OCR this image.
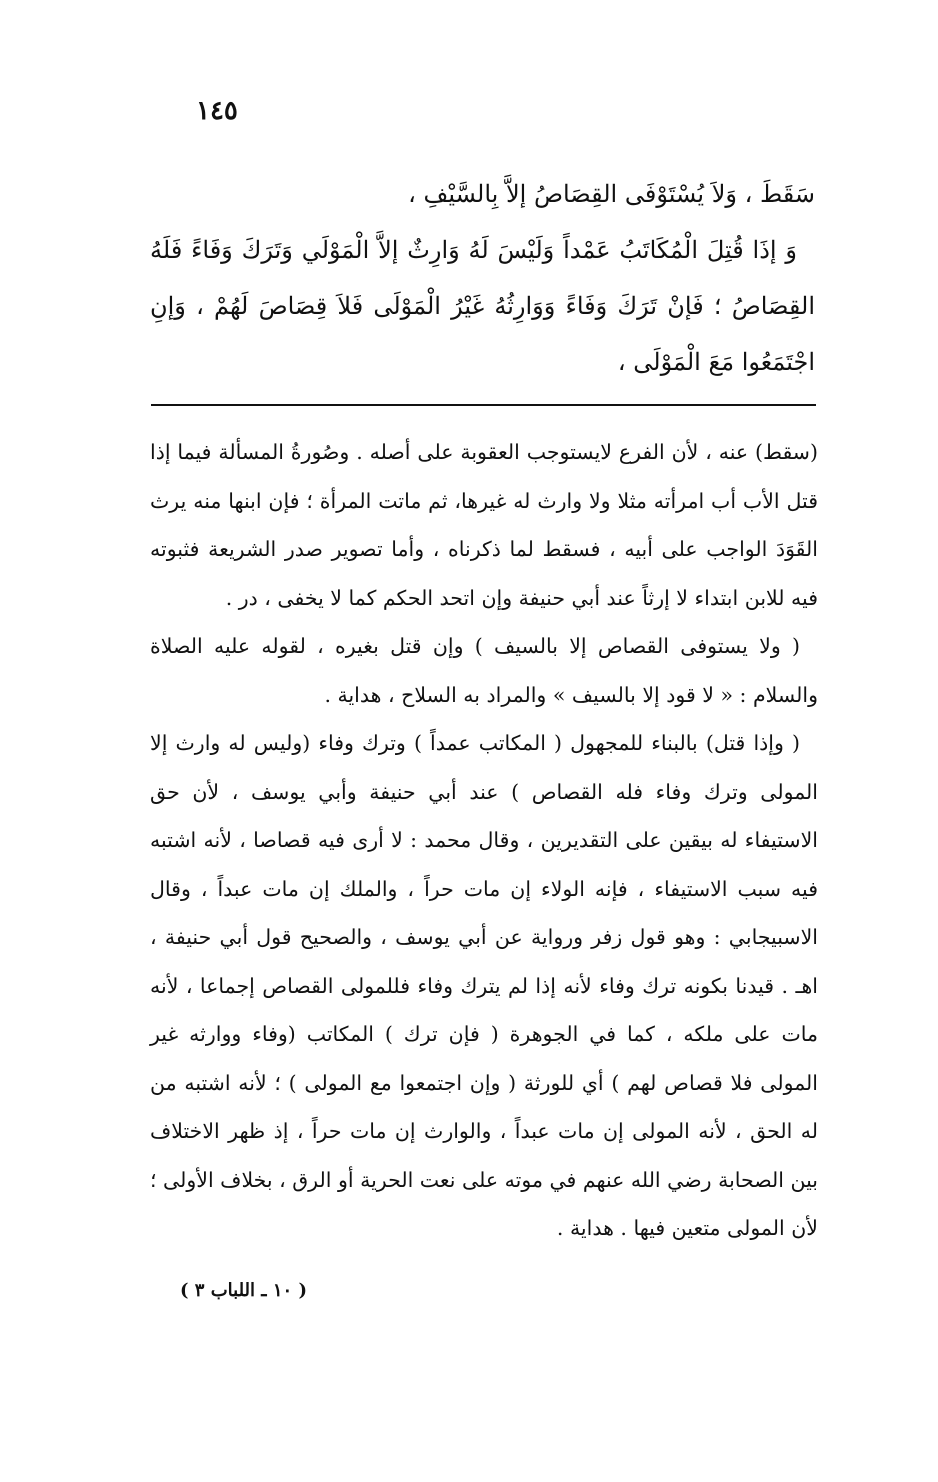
١٤٥

سَقَطَ ، وَلاَ يُسْتَوْفَى القِصَاصُ إلاَّ بِالسَّيْفِ ،

وَ إذَا قُتِلَ الْمُكَاتَبُ عَمْداً وَلَيْسَ لَهُ وَارِثٌ إلاَّ الْمَوْلَي وَتَرَكَ وَفَاءً فَلَهُ القِصَاصُ ؛ فَإنْ تَرَكَ وَفَاءً وَوَارِثُهُ غَيْرُ الْمَوْلَى فَلاَ قِصَاصَ لَهُمْ ، وَإنِ اجْتَمَعُوا مَعَ الْمَوْلَى ،

(سقط) عنه ، لأن الفرع لايستوجب العقوبة على أصله . وصُورةُ المسألة فيما إذا قتل الأب أب امرأته مثلا ولا وارث له غيرها، ثم ماتت المرأة ؛ فإن ابنها منه يرث القَوَدَ الواجب على أبيه ، فسقط لما ذكرناه ، وأما تصوير صدر الشريعة فثبوته فيه للابن ابتداء لا إرثاً عند أبي حنيفة وإن اتحد الحكم كما لا يخفى ، در .

( ولا يستوفى القصاص إلا بالسيف ) وإن قتل بغيره ، لقوله عليه الصلاة والسلام : « لا قود إلا بالسيف » والمراد به السلاح ، هداية .

( وإذا قتل) بالبناء للمجهول ( المكاتب عمداً ) وترك وفاء (وليس له وارث إلا المولى وترك وفاء فله القصاص ) عند أبي حنيفة وأبي يوسف ، لأن حق الاستيفاء له بيقين على التقديرين ، وقال محمد : لا أرى فيه قصاصا ، لأنه اشتبه فيه سبب الاستيفاء ، فإنه الولاء إن مات حراً ، والملك إن مات عبداً ، وقال الاسبيجابي : وهو قول زفر ورواية عن أبي يوسف ، والصحيح قول أبي حنيفة ، اهـ . قيدنا بكونه ترك وفاء لأنه إذا لم يترك وفاء فللمولى القصاص إجماعا ، لأنه مات على ملكه ، كما في الجوهرة ( فإن ترك ) المكاتب (وفاء ووارثه غير المولى فلا قصاص لهم ) أي للورثة ( وإن اجتمعوا مع المولى ) ؛ لأنه اشتبه من له الحق ، لأنه المولى إن مات عبداً ، والوارث إن مات حراً ، إذ ظهر الاختلاف بين الصحابة رضي الله عنهم في موته على نعت الحرية أو الرق ، بخلاف الأولى ؛ لأن المولى متعين فيها . هداية .

( ١٠ ـ اللباب ٣ )
